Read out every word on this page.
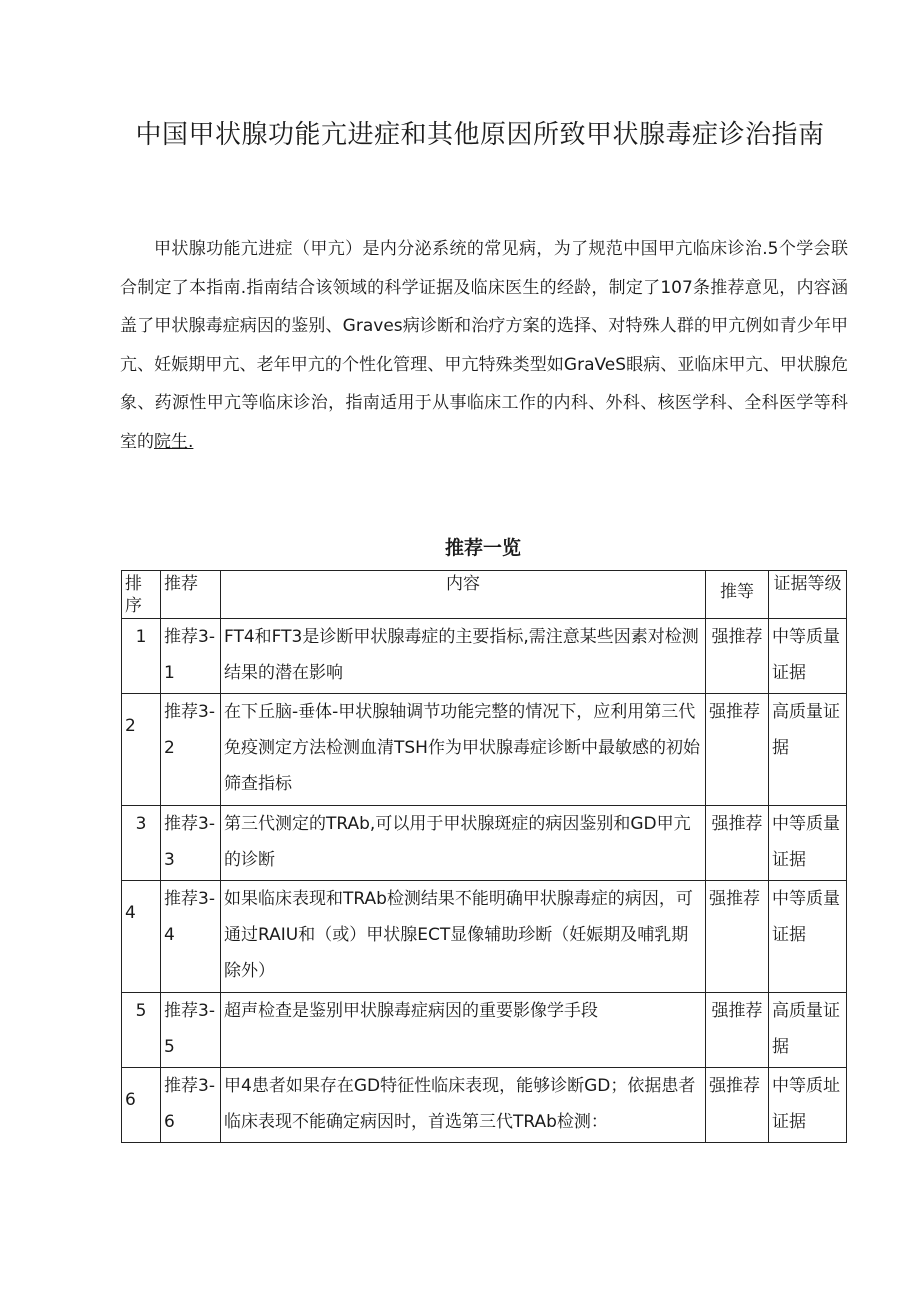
中国甲状腺功能亢进症和其他原因所致甲状腺毒症诊治指南

甲状腺功能亢进症（甲亢）是内分泌系统的常见病，为了规范中国甲亢临床诊治.5个学会联合制定了本指南.指南结合该领域的科学证据及临床医生的经龄，制定了107条推荐意见，内容涵盖了甲状腺毒症病因的鉴别、Graves病诊断和治疗方案的选择、对特殊人群的甲亢例如青少年甲亢、妊娠期甲亢、老年甲亢的个性化管理、甲亢特殊类型如GraVeS眼病、亚临床甲亢、甲状腺危象、药源性甲亢等临床诊治，指南适用于从事临床工作的内科、外科、核医学科、全科医学等科室的院生.

推荐一览
排序	推荐	内容	推等	证据等级
1	推荐3-1	FT4和FT3是诊断甲状腺毒症的主要指标,需注意某些因素对检测结果的潜在影响	强推荐	中等质量证据
2	推荐3-2	在下丘脑-垂体-甲状腺轴调节功能完整的情况下，应利用第三代免疫测定方法检测血清TSH作为甲状腺毒症诊断中最敏感的初始筛查指标	强推荐	高质量证据
3	推荐3-3	第三代测定的TRAb,可以用于甲状腺斑症的病因鉴别和GD甲亢的诊断	强推荐	中等质量证据
4	推荐3-4	如果临床表现和TRAb检测结果不能明确甲状腺毒症的病因，可通过RAIU和（或）甲状腺ECT显像辅助珍断（妊娠期及哺乳期除外）	强推荐	中等质量证据
5	推荐3-5	超声检查是鉴别甲状腺毒症病因的重要影像学手段	强推荐	高质量证据
6	推荐3-6	甲4患者如果存在GD特征性临床表现，能够诊断GD；依据患者临床表现不能确定病因时，首选第三代TRAb检测：	强推荐	中等质址证据
